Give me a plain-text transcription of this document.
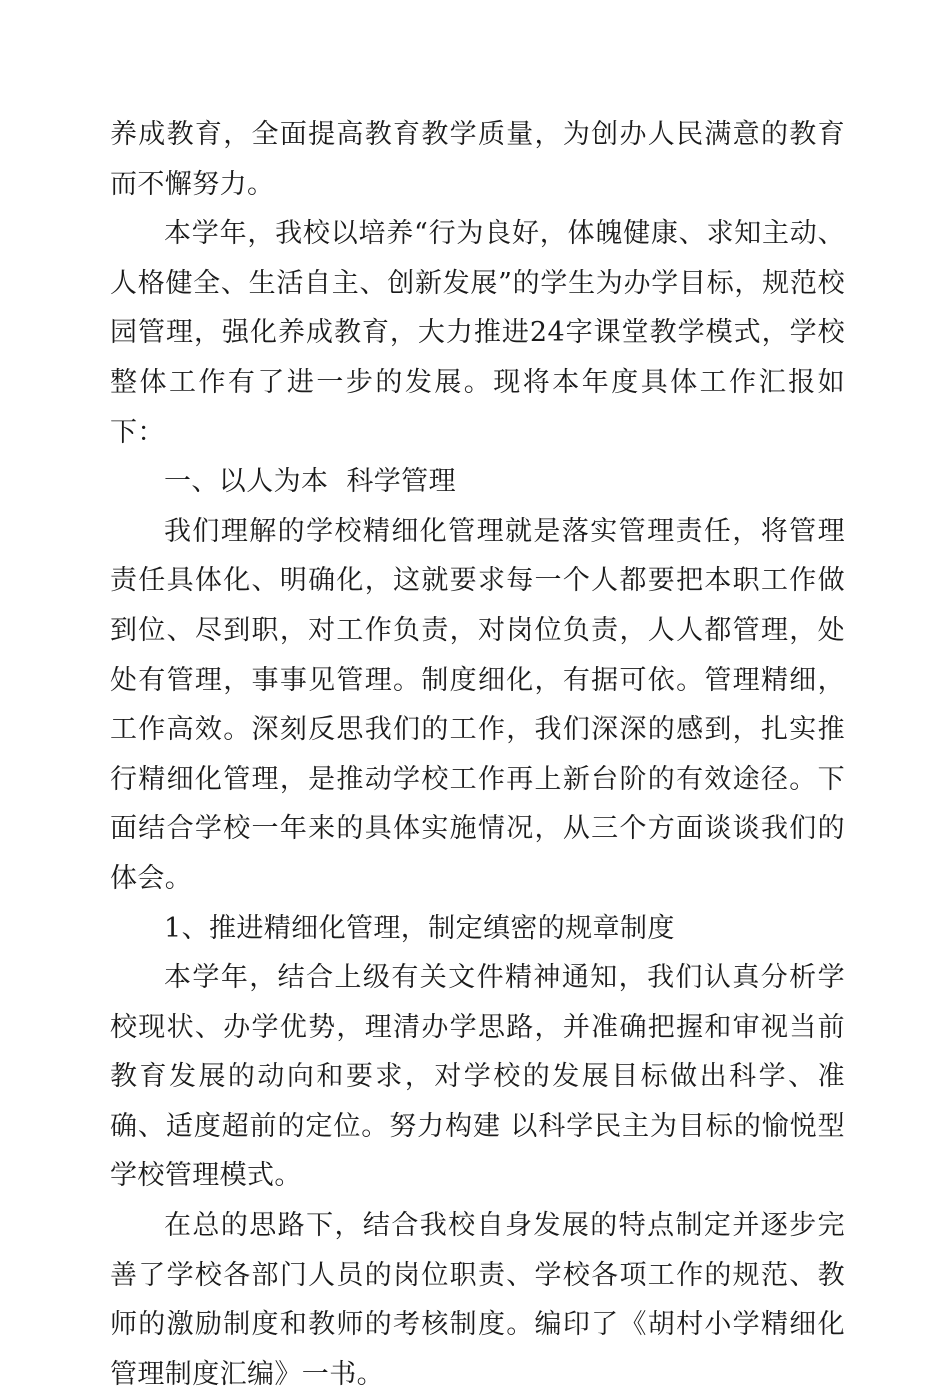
养成教育，全面提高教育教学质量，为创办人民满意的教育而不懈努力。

本学年，我校以培养“行为良好，体魄健康、求知主动、人格健全、生活自主、创新发展”的学生为办学目标，规范校园管理，强化养成教育，大力推进24字课堂教学模式，学校整体工作有了进一步的发展。现将本年度具体工作汇报如下：

一、以人为本  科学管理

我们理解的学校精细化管理就是落实管理责任，将管理责任具体化、明确化，这就要求每一个人都要把本职工作做到位、尽到职，对工作负责，对岗位负责，人人都管理，处处有管理，事事见管理。制度细化，有据可依。管理精细，工作高效。深刻反思我们的工作，我们深深的感到，扎实推行精细化管理，是推动学校工作再上新台阶的有效途径。下面结合学校一年来的具体实施情况，从三个方面谈谈我们的体会。

1、推进精细化管理，制定缜密的规章制度

本学年，结合上级有关文件精神通知，我们认真分析学校现状、办学优势，理清办学思路，并准确把握和审视当前教育发展的动向和要求，对学校的发展目标做出科学、准确、适度超前的定位。努力构建 以科学民主为目标的愉悦型学校管理模式。

在总的思路下，结合我校自身发展的特点制定并逐步完善了学校各部门人员的岗位职责、学校各项工作的规范、教师的激励制度和教师的考核制度。编印了《胡村小学精细化管理制度汇编》一书。
